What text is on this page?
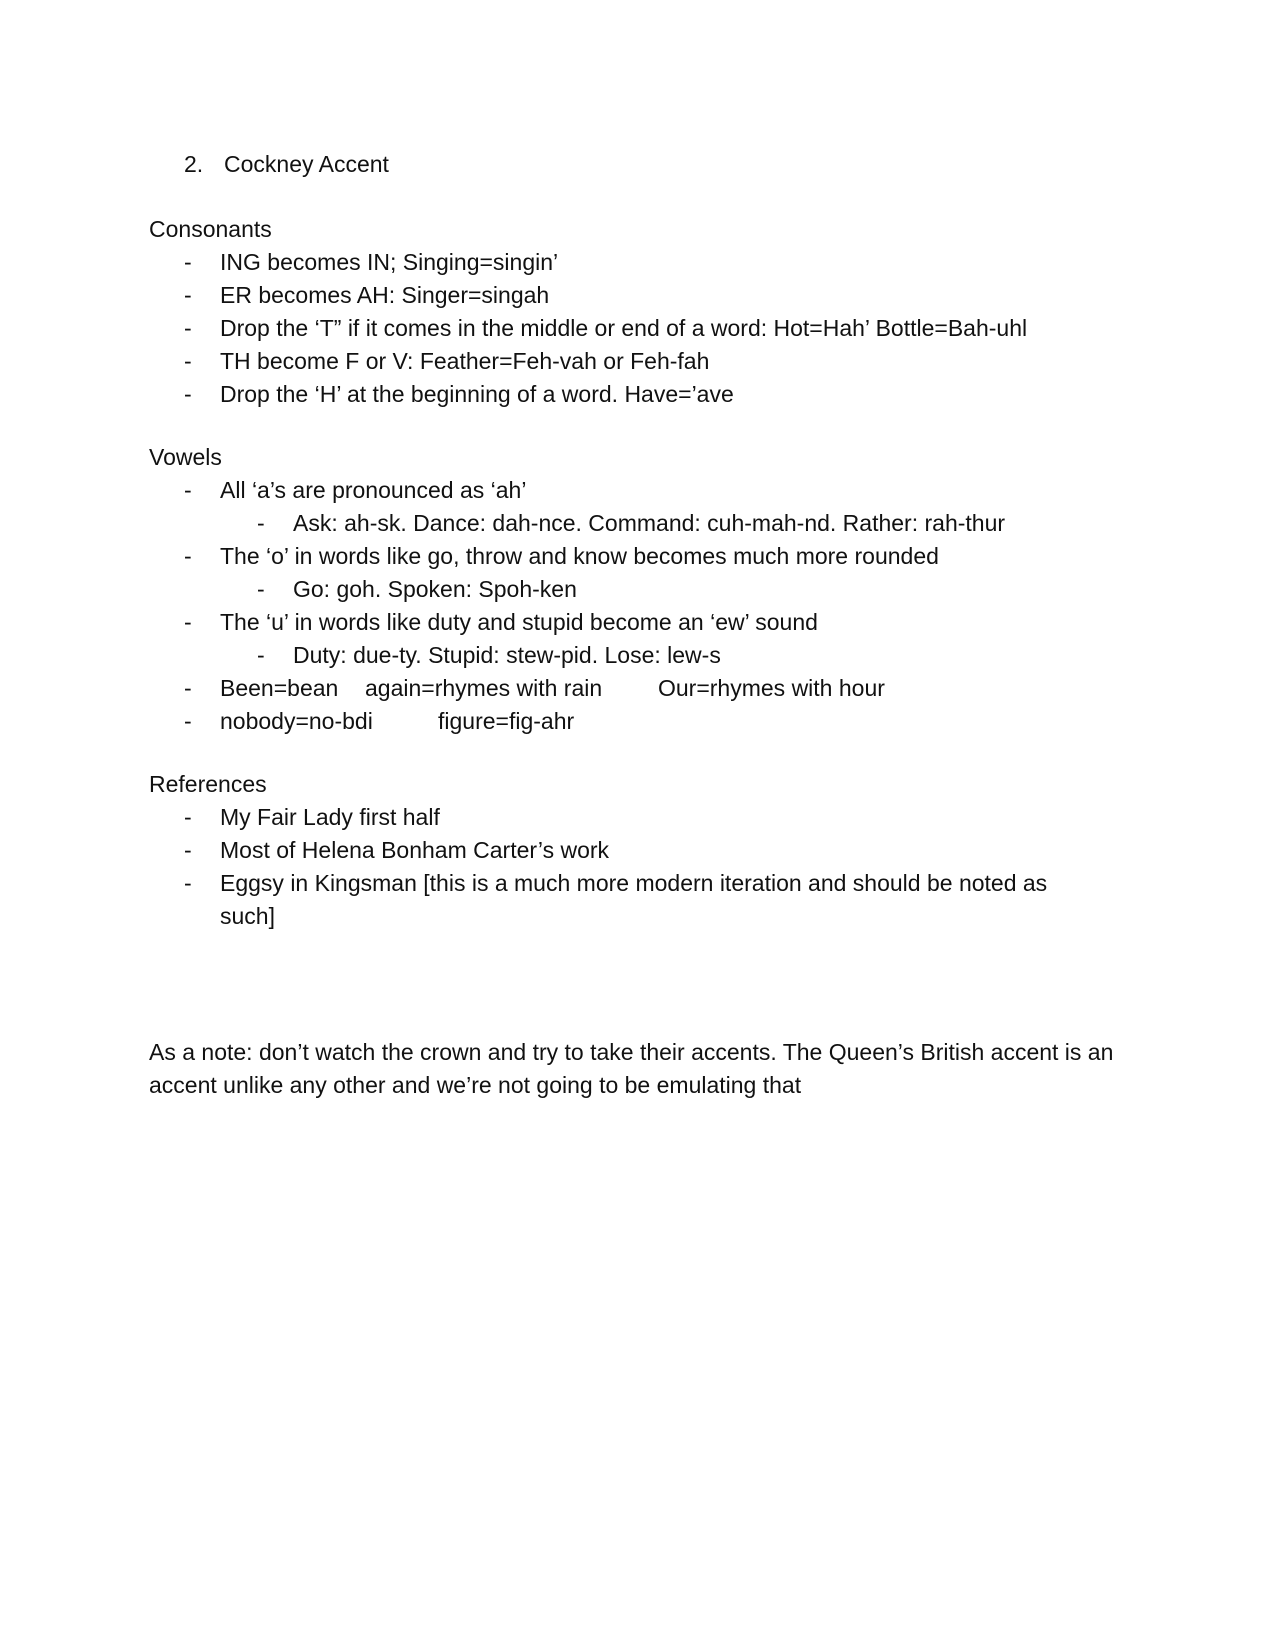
2. Cockney Accent
Consonants
- ING becomes IN; Singing=singin’
- ER becomes AH: Singer=singah
- Drop the ‘T” if it comes in the middle or end of a word: Hot=Hah’ Bottle=Bah-uhl
- TH become F or V: Feather=Feh-vah or Feh-fah
- Drop the ‘H’ at the beginning of a word. Have=’ave
Vowels
- All ‘a’s are pronounced as ‘ah’
- Ask: ah-sk. Dance: dah-nce. Command: cuh-mah-nd. Rather: rah-thur
- The ‘o’ in words like go, throw and know becomes much more rounded
- Go: goh. Spoken: Spoh-ken
- The ‘u’ in words like duty and stupid become an ‘ew’ sound
- Duty: due-ty. Stupid: stew-pid. Lose: lew-s
- Been=bean again=rhymes with rain Our=rhymes with hour
- nobody=no-bdi	figure=fig-ahr
References
- My Fair Lady first half
- Most of Helena Bonham Carter’s work
- Eggsy in Kingsman [this is a much more modern iteration and should be noted as
such]
As a note: don’t watch the crown and try to take their accents. The Queen’s British accent is an accent unlike any other and we’re not going to be emulating that
